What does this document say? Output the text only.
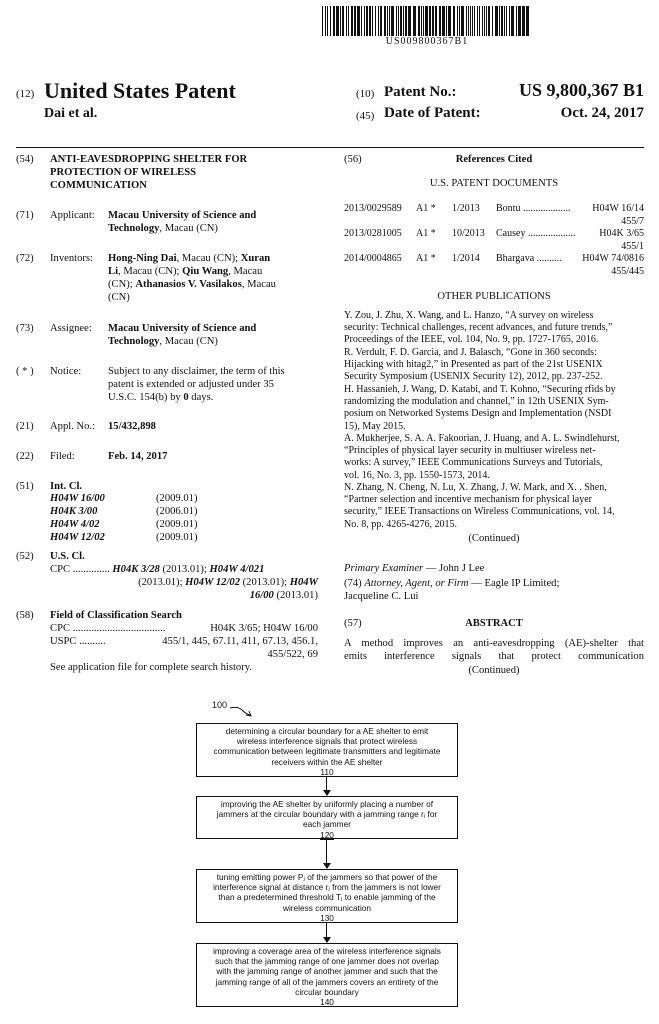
US009800367B1
(12) United States Patent
Dai et al.
(10) Patent No.:	US 9,800,367 B1
(45) Date of Patent:	Oct. 24, 2017
(54) ANTI-EAVESDROPPING SHELTER FOR
PROTECTION OF WIRELESS
COMMUNICATION
(71) Applicant: Macau University of Science and
Technology, Macau (CN)
(72) Inventors: Hong-Ning Dai, Macau (CN); Xuran
Li, Macau (CN); Qiu Wang, Macau
(CN); Athanasios V. Vasilakos, Macau
(CN)
(73) Assignee: Macau University of Science and
Technology, Macau (CN)
( * ) Notice:	Subject to any disclaimer, the term of this
patent is extended or adjusted under 35
U.S.C. 154(b) by 0 days.
(21) Appl. No.: 15/432,898
(22) Filed:	Feb. 14, 2017
(51) Int. Cl.
H04W 16/00	(2009.01)
H04K 3/00	(2006.01)
H04W 4/02	(2009.01)
H04W 12/02	(2009.01)
(52) U.S. Cl.
CPC .............. H04K 3/28 (2013.01); H04W 4/021
(2013.01); H04W 12/02 (2013.01); H04W
16/00 (2013.01)
(58) Field of Classification Search
CPC ...................................	H04K 3/65; H04W 16/00
USPC ..........	455/1, 445, 67.11, 411, 67.13, 456.1,
455/522, 69
See application file for complete search history.
(56)	References Cited
U.S. PATENT DOCUMENTS
2013/0029589 A1 * 1/2013 Bontu ................... H04W 16/14
455/7
2013/0281005 A1 * 10/2013 Causey ................... H04K 3/65
455/1
2014/0004865 A1 * 1/2014 Bhargava .......... H04W 74/0816
455/445
OTHER PUBLICATIONS
Y. Zou, J. Zhu, X. Wang, and L. Hanzo, “A survey on wireless
security: Technical challenges, recent advances, and future trends,”
Proceedings of the IEEE, vol. 104, No. 9, pp. 1727-1765, 2016.
R. Verdult, F. D. Garcia, and J. Balasch, “Gone in 360 seconds:
Hijacking with hitag2,” in Presented as part of the 21st USENIX
Security Symposium (USENIX Security 12), 2012, pp. 237-252.
H. Hassanieh, J. Wang, D. Katabi, and T. Kohno, “Securing rfids by
randomizing the modulation and channel,” in 12th USENIX Sym-
posium on Networked Systems Design and Implementation (NSDI
15), May 2015.
A. Mukherjee, S. A. A. Fakoorian, J. Huang, and A. L. Swindlehurst,
“Principles of physical layer security in multiuser wireless net-
works: A survey,” IEEE Communications Surveys and Tutorials,
vol. 16, No. 3, pp. 1550-1573, 2014.
N. Zhang, N. Cheng, N. Lu, X. Zhang, J. W. Mark, and X. . Shen,
“Partner selection and incentive mechanism for physical layer
security,” IEEE Transactions on Wireless Communications, vol. 14,
No. 8, pp. 4265-4276, 2015.
(Continued)
Primary Examiner — John J Lee
(74) Attorney, Agent, or Firm — Eagle IP Limited;
Jacqueline C. Lui
(57)	ABSTRACT
A method improves an anti-eavesdropping (AE)-shelter that
emits interference signals that protect communication
(Continued)
100
determining a circular boundary for a AE shelter to emit
wireless interference signals that protect wireless
communication between legitimate transmitters and legitimate
receivers within the AE shelter
110
improving the AE shelter by uniformly placing a number of
jammers at the circular boundary with a jamming range rⱼ for
each jammer
120
tuning emitting power Pⱼ of the jammers so that power of the
interference signal at distance rⱼ from the jammers is not lower
than a predetermined threshold Tⱼ to enable jamming of the
wireless communication
130
improving a coverage area of the wireless interference signals
such that the jamming range of one jammer does not overlap
with the jamming range of another jammer and such that the
jamming range of all of the jammers covers an entirety of the
circular boundary
140
